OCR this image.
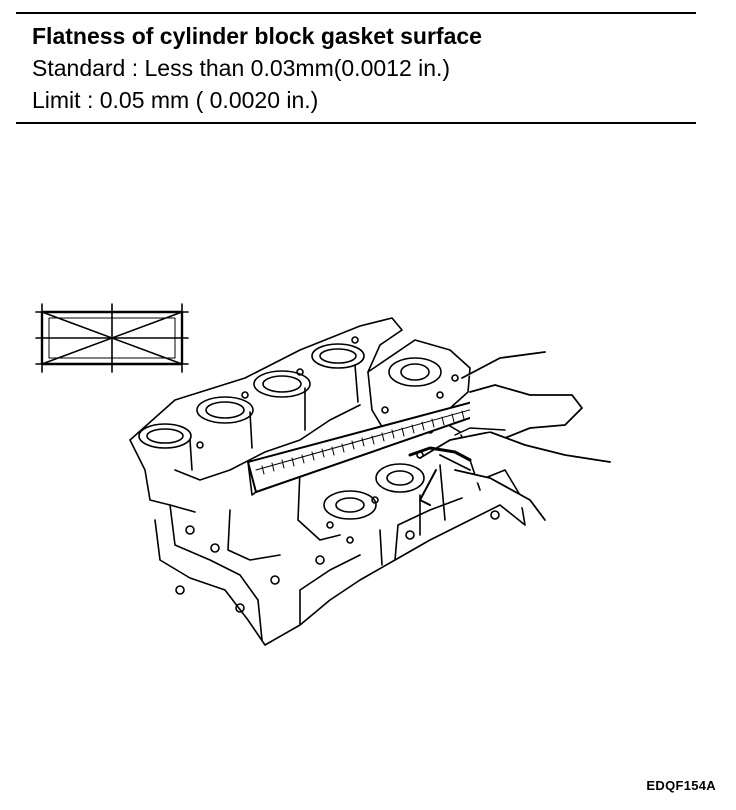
Flatness of cylinder block gasket surface
Standard : Less than 0.03mm(0.0012 in.)
Limit : 0.05 mm ( 0.0020 in.)
EDQF154A
